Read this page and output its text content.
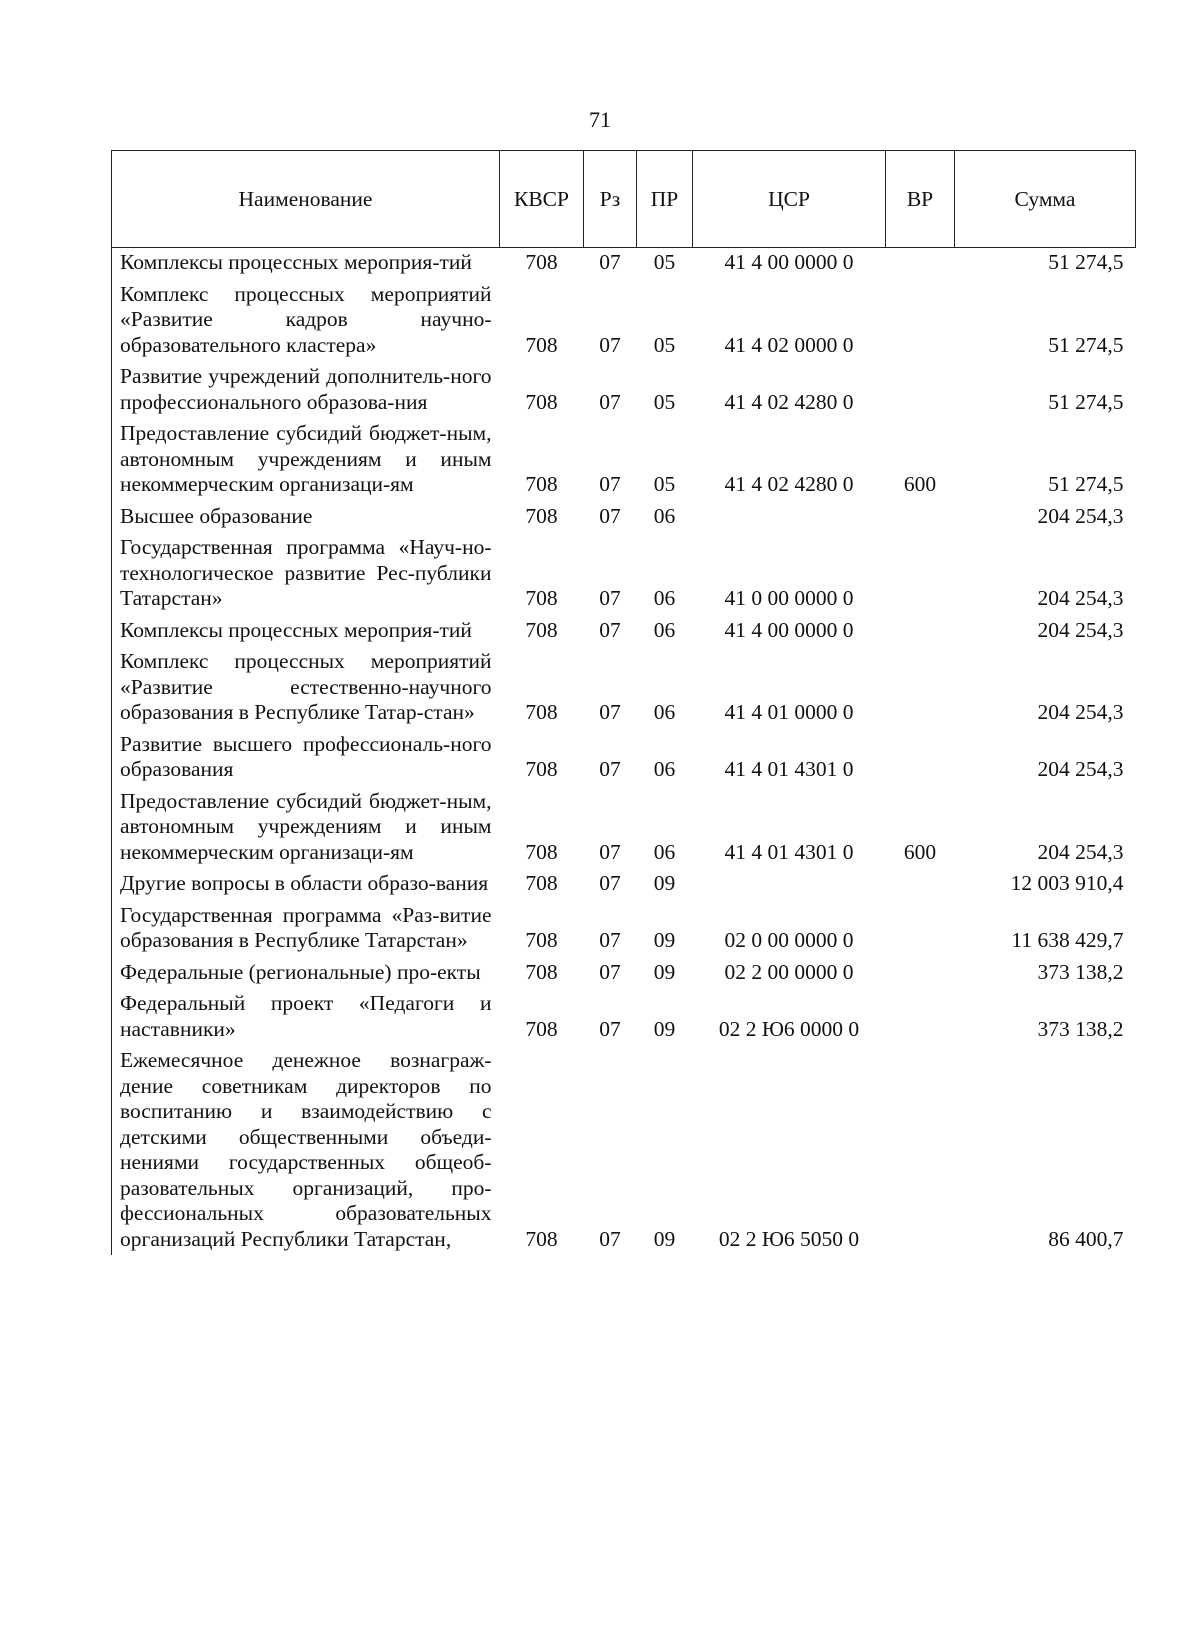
71
Наименование	КВСР	Рз	ПР	ЦСР	ВР	Сумма
Комплексы процессных мероприя-тий	708	07	05	41 4 00 0000 0		51 274,5
Комплекс процессных мероприятий «Развитие кадров научно-образовательного кластера»	708	07	05	41 4 02 0000 0		51 274,5
Развитие учреждений дополнитель-ного профессионального образова-ния	708	07	05	41 4 02 4280 0		51 274,5
Предоставление субсидий бюджет-ным, автономным учреждениям и иным некоммерческим организаци-ям	708	07	05	41 4 02 4280 0	600	51 274,5
Высшее образование	708	07	06			204 254,3
Государственная программа «Науч-но-технологическое развитие Рес-публики Татарстан»	708	07	06	41 0 00 0000 0		204 254,3
Комплексы процессных мероприя-тий	708	07	06	41 4 00 0000 0		204 254,3
Комплекс процессных мероприятий «Развитие естественно-научного образования в Республике Татар-стан»	708	07	06	41 4 01 0000 0		204 254,3
Развитие высшего профессиональ-ного образования	708	07	06	41 4 01 4301 0		204 254,3
Предоставление субсидий бюджет-ным, автономным учреждениям и иным некоммерческим организаци-ям	708	07	06	41 4 01 4301 0	600	204 254,3
Другие вопросы в области образо-вания	708	07	09			12 003 910,4
Государственная программа «Раз-витие образования в Республике Татарстан»	708	07	09	02 0 00 0000 0		11 638 429,7
Федеральные (региональные) про-екты	708	07	09	02 2 00 0000 0		373 138,2
Федеральный проект «Педагоги и наставники»	708	07	09	02 2 Ю6 0000 0		373 138,2
Ежемесячное денежное вознаграж-дение советникам директоров по воспитанию и взаимодействию с детскими общественными объеди-нениями государственных общеоб-разовательных организаций, про-фессиональных образовательных организаций Республики Татарстан,	708	07	09	02 2 Ю6 5050 0		86 400,7
